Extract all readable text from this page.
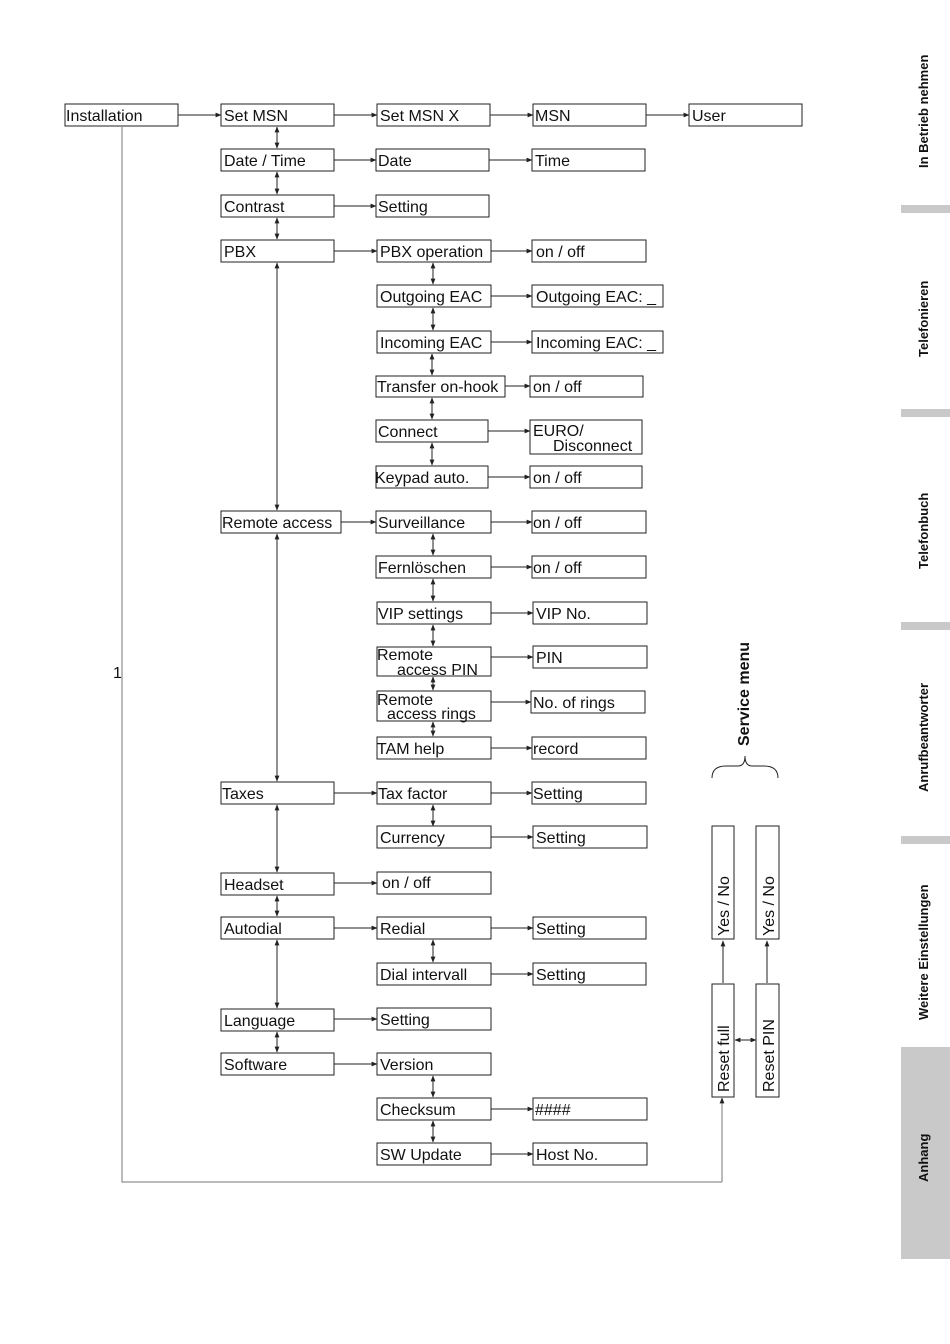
In Betrieb nehmen
Telefonieren
Telefonbuch
Anrufbeantworter
Weitere Einstellungen
Anhang
Installation
1
Set MSN	Set MSN X	MSN	User
Date / Time	Date	Time
Contrast	Setting
PBX	PBX operation	on / off
Outgoing EAC	Outgoing EAC: _
Incoming EAC	Incoming EAC: _
Transfer on-hook on / off
Connect	EURO/
Disconnect
Keypad auto.	on / off
Remote access	Surveillance	on / off
Fernlöschen	on / off
VIP settings	VIP No.
Remote
access PIN
PIN
Remote
access rings
No. of rings
TAM help	record
Taxes	Tax factor	Setting
Currency	Setting
Headset	on / off
Autodial	Redial	Setting
Dial intervall	Setting
Language	Setting
Software	Version
Checksum	####
SW Update	Host No.
Service menu
Yes / No Yes / No
Reset full Reset PIN
